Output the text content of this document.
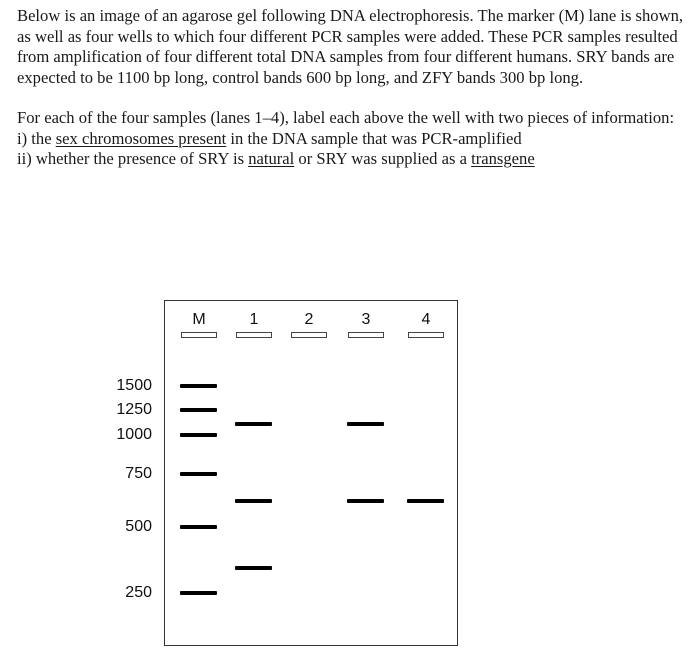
Below is an image of an agarose gel following DNA electrophoresis. The marker (M) lane is shown, as well as four wells to which four different PCR samples were added. These PCR samples resulted from amplification of four different total DNA samples from four different humans. SRY bands are expected to be 1100 bp long, control bands 600 bp long, and ZFY bands 300 bp long.

For each of the four samples (lanes 1–4), label each above the well with two pieces of information:

i) the sex chromosomes present in the DNA sample that was PCR-amplified

ii) whether the presence of SRY is natural or SRY was supplied as a transgene

M	1	2	3	4
1500
1250
1000
750
500
250
